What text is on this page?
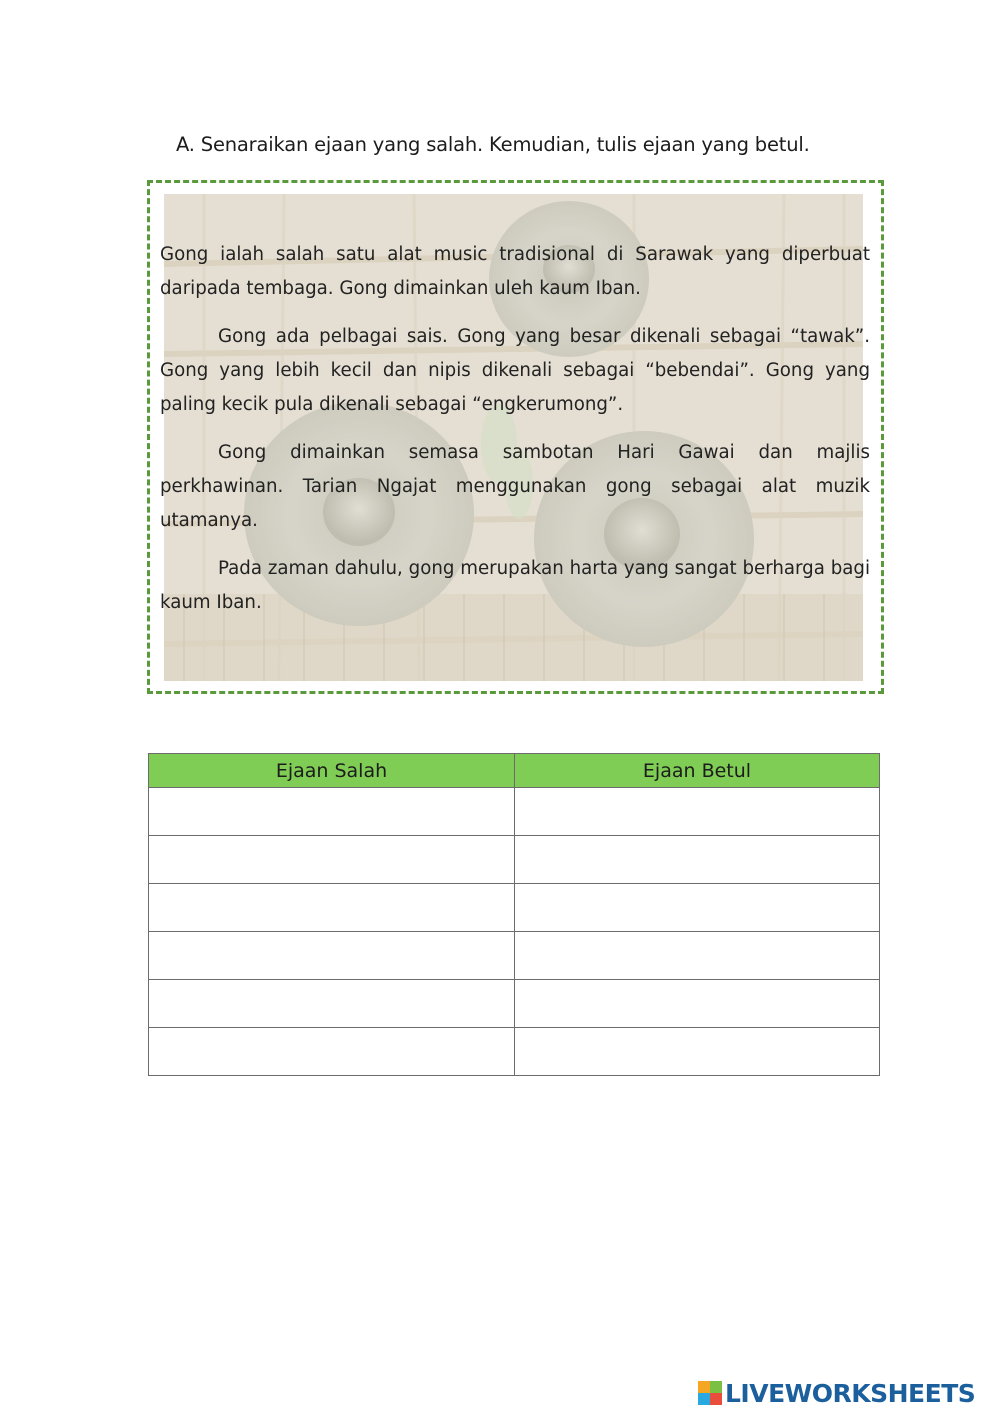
A. Senaraikan ejaan yang salah. Kemudian, tulis ejaan yang betul.

Gong ialah salah satu alat music tradisional di Sarawak yang diperbuat daripada tembaga. Gong dimainkan uleh kaum Iban.

Gong ada pelbagai sais. Gong yang besar dikenali sebagai “tawak”. Gong yang lebih kecil dan nipis dikenali sebagai “bebendai”. Gong yang paling kecik pula dikenali sebagai “engkerumong”.

Gong dimainkan semasa sambotan Hari Gawai dan majlis perkhawinan. Tarian Ngajat menggunakan gong sebagai alat muzik utamanya.

Pada zaman dahulu, gong merupakan harta yang sangat berharga bagi kaum Iban.

Ejaan Salah	Ejaan Betul

LIVEWORKSHEETS
